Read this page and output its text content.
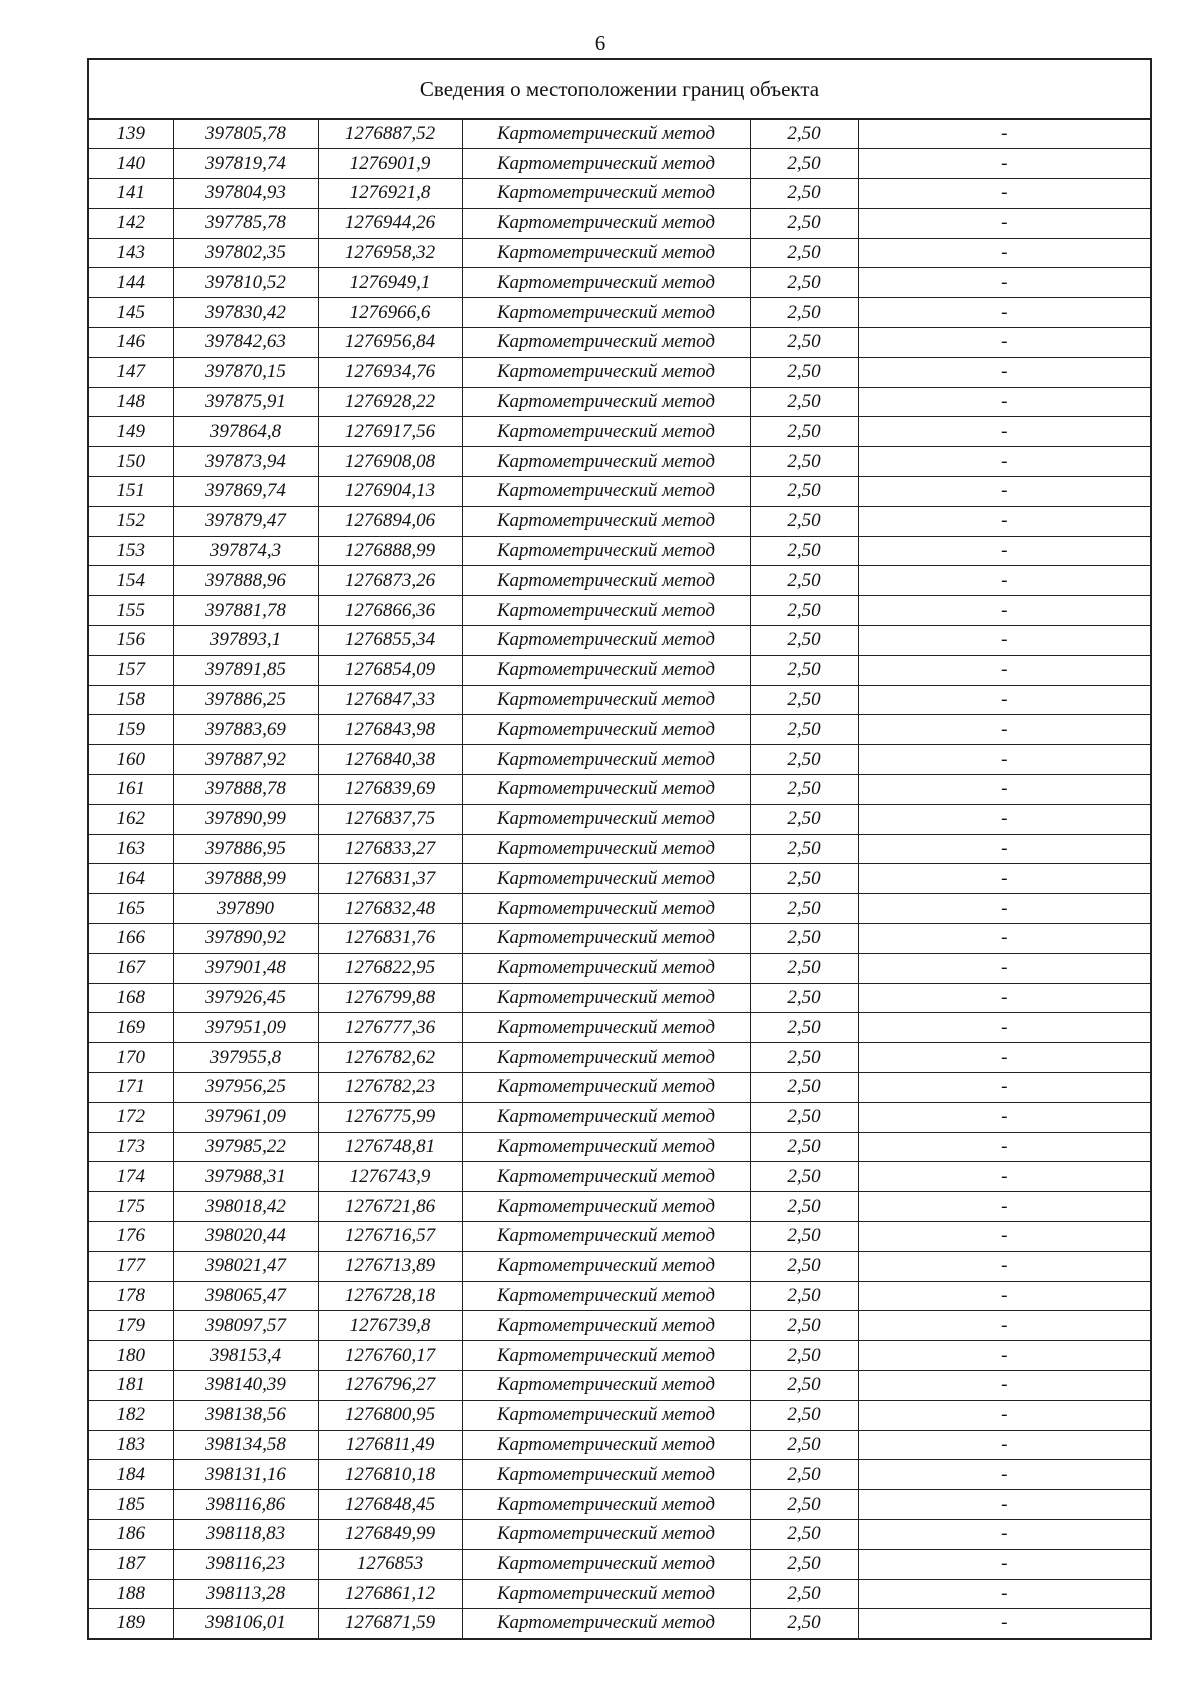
6
Сведения о местоположении границ объекта					
139	397805,78	1276887,52	Картометрический метод	2,50	-
140	397819,74	1276901,9	Картометрический метод	2,50	-
141	397804,93	1276921,8	Картометрический метод	2,50	-
142	397785,78	1276944,26	Картометрический метод	2,50	-
143	397802,35	1276958,32	Картометрический метод	2,50	-
144	397810,52	1276949,1	Картометрический метод	2,50	-
145	397830,42	1276966,6	Картометрический метод	2,50	-
146	397842,63	1276956,84	Картометрический метод	2,50	-
147	397870,15	1276934,76	Картометрический метод	2,50	-
148	397875,91	1276928,22	Картометрический метод	2,50	-
149	397864,8	1276917,56	Картометрический метод	2,50	-
150	397873,94	1276908,08	Картометрический метод	2,50	-
151	397869,74	1276904,13	Картометрический метод	2,50	-
152	397879,47	1276894,06	Картометрический метод	2,50	-
153	397874,3	1276888,99	Картометрический метод	2,50	-
154	397888,96	1276873,26	Картометрический метод	2,50	-
155	397881,78	1276866,36	Картометрический метод	2,50	-
156	397893,1	1276855,34	Картометрический метод	2,50	-
157	397891,85	1276854,09	Картометрический метод	2,50	-
158	397886,25	1276847,33	Картометрический метод	2,50	-
159	397883,69	1276843,98	Картометрический метод	2,50	-
160	397887,92	1276840,38	Картометрический метод	2,50	-
161	397888,78	1276839,69	Картометрический метод	2,50	-
162	397890,99	1276837,75	Картометрический метод	2,50	-
163	397886,95	1276833,27	Картометрический метод	2,50	-
164	397888,99	1276831,37	Картометрический метод	2,50	-
165	397890	1276832,48	Картометрический метод	2,50	-
166	397890,92	1276831,76	Картометрический метод	2,50	-
167	397901,48	1276822,95	Картометрический метод	2,50	-
168	397926,45	1276799,88	Картометрический метод	2,50	-
169	397951,09	1276777,36	Картометрический метод	2,50	-
170	397955,8	1276782,62	Картометрический метод	2,50	-
171	397956,25	1276782,23	Картометрический метод	2,50	-
172	397961,09	1276775,99	Картометрический метод	2,50	-
173	397985,22	1276748,81	Картометрический метод	2,50	-
174	397988,31	1276743,9	Картометрический метод	2,50	-
175	398018,42	1276721,86	Картометрический метод	2,50	-
176	398020,44	1276716,57	Картометрический метод	2,50	-
177	398021,47	1276713,89	Картометрический метод	2,50	-
178	398065,47	1276728,18	Картометрический метод	2,50	-
179	398097,57	1276739,8	Картометрический метод	2,50	-
180	398153,4	1276760,17	Картометрический метод	2,50	-
181	398140,39	1276796,27	Картометрический метод	2,50	-
182	398138,56	1276800,95	Картометрический метод	2,50	-
183	398134,58	1276811,49	Картометрический метод	2,50	-
184	398131,16	1276810,18	Картометрический метод	2,50	-
185	398116,86	1276848,45	Картометрический метод	2,50	-
186	398118,83	1276849,99	Картометрический метод	2,50	-
187	398116,23	1276853	Картометрический метод	2,50	-
188	398113,28	1276861,12	Картометрический метод	2,50	-
189	398106,01	1276871,59	Картометрический метод	2,50	-
